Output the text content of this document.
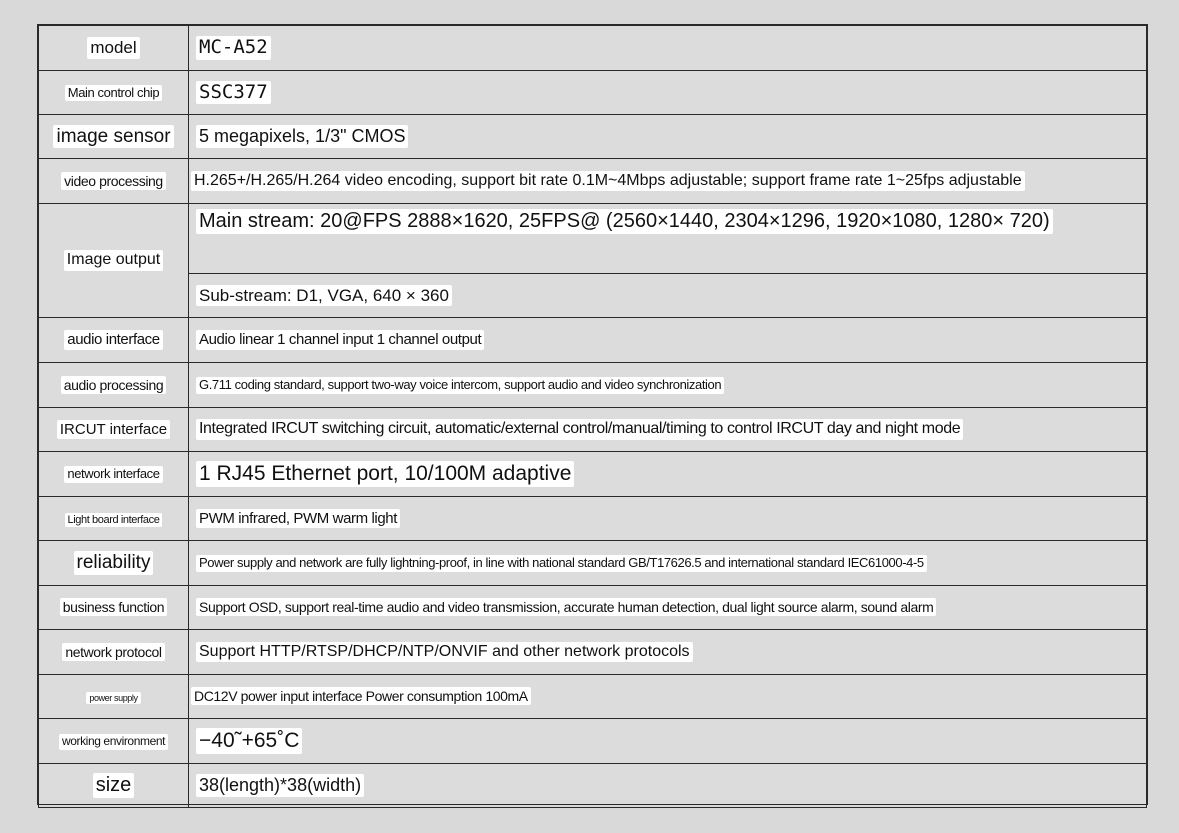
model	MC-A52
Main control chip	SSC377
image sensor	5 megapixels, 1/3" CMOS
video processing	H.265+/H.265/H.264 video encoding, support bit rate 0.1M~4Mbps adjustable; support frame rate 1~25fps adjustable
Image output	Main stream: 20@FPS 2888×1620, 25FPS@ (2560×1440, 2304×1296, 1920×1080, 1280× 720)
	Sub-stream: D1, VGA, 640 × 360
audio interface	Audio linear 1 channel input 1 channel output
audio processing	G.711 coding standard, support two-way voice intercom, support audio and video synchronization
IRCUT interface	Integrated IRCUT switching circuit, automatic/external control/manual/timing to control IRCUT day and night mode
network interface	1 RJ45 Ethernet port, 10/100M adaptive
Light board interface	PWM infrared, PWM warm light
reliability	Power supply and network are fully lightning-proof, in line with national standard GB/T17626.5 and international standard IEC61000-4-5
business function	Support OSD, support real-time audio and video transmission, accurate human detection, dual light source alarm, sound alarm
network protocol	Support HTTP/RTSP/DHCP/NTP/ONVIF and other network protocols
power supply	DC12V power input interface Power consumption 100mA
working environment	−40˜+65˚C
size	38(length)*38(width)
